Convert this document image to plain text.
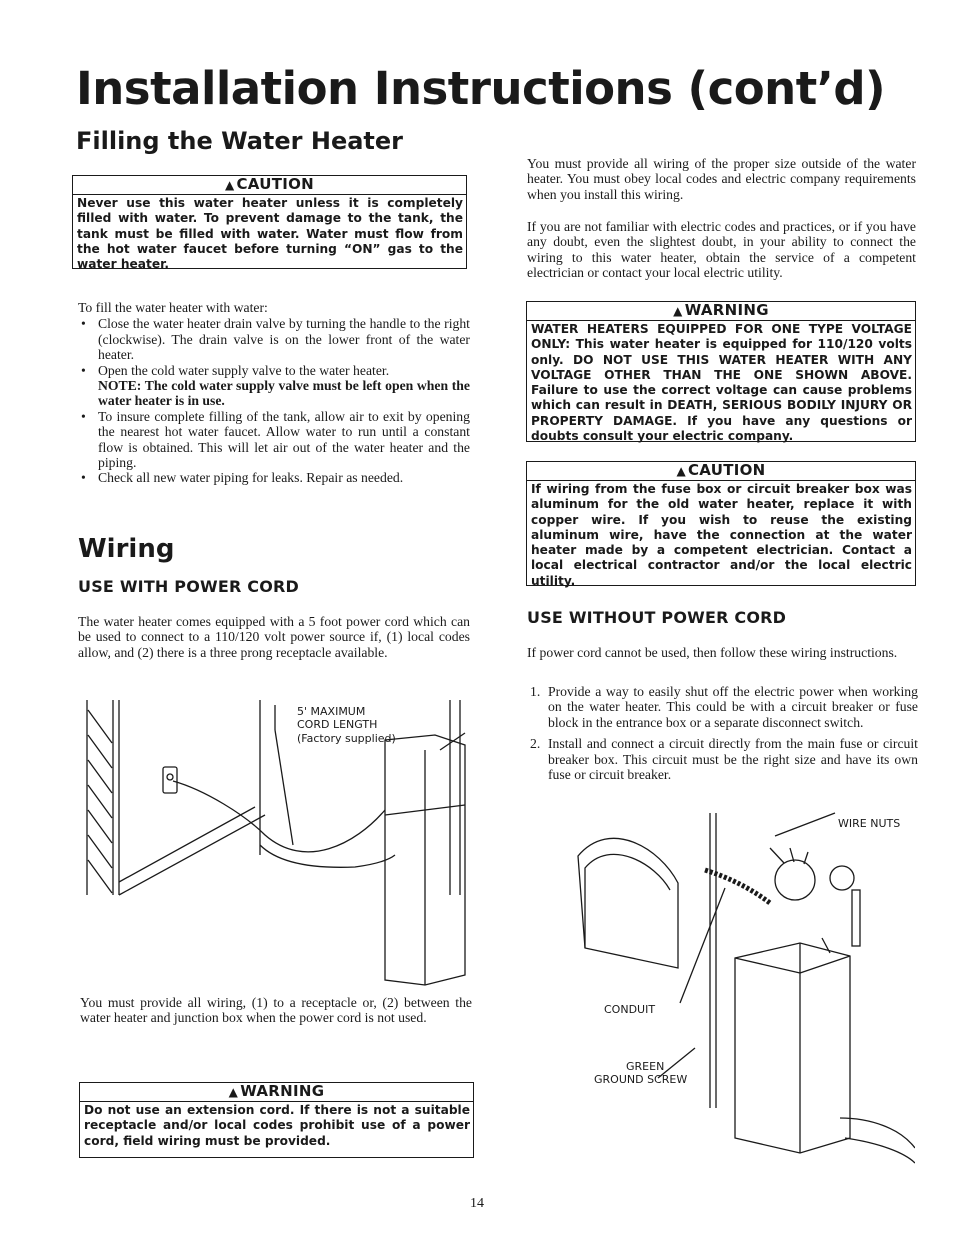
Installation Instructions (cont’d)
Filling the Water Heater
▲ CAUTION
Never use this water heater unless it is completely filled with water. To prevent damage to the tank, the tank must be filled with water. Water must flow from the hot water faucet before turning “ON” gas to the water heater.

To fill the water heater with water:

• Close the water heater drain valve by turning the handle to the right (clockwise). The drain valve is on the lower front of the water heater.
• Open the cold water supply valve to the water heater.
NOTE: The cold water supply valve must be left open when the water heater is in use.
• To insure complete filling of the tank, allow air to exit by opening the nearest hot water faucet. Allow water to run until a constant flow is obtained. This will let air out of the water heater and the piping.
• Check all new water piping for leaks. Repair as needed.
Wiring
USE WITH POWER CORD

The water heater comes equipped with a 5 foot power cord which can be used to connect to a 110/120 volt power source if, (1) local codes allow, and (2) there is a three prong receptacle available.

5' MAXIMUM
CORD LENGTH
(Factory supplied)

You must provide all wiring, (1) to a receptacle or, (2) between the water heater and junction box when the power cord is not used.

▲ WARNING
Do not use an extension cord. If there is not a suitable receptacle and/or local codes prohibit use of a power cord, field wiring must be provided.

You must provide all wiring of the proper size outside of the water heater. You must obey local codes and electric company requirements when you install this wiring.

If you are not familiar with electric codes and practices, or if you have any doubt, even the slightest doubt, in your ability to connect the wiring to this water heater, obtain the service of a competent electrician or contact your local electric utility.

▲ WARNING
WATER HEATERS EQUIPPED FOR ONE TYPE VOLTAGE ONLY: This water heater is equipped for 110/120 volts only. DO NOT USE THIS WATER HEATER WITH ANY VOLTAGE OTHER THAN THE ONE SHOWN ABOVE. Failure to use the correct voltage can cause problems which can result in DEATH, SERIOUS BODILY INJURY OR PROPERTY DAMAGE. If you have any questions or doubts consult your electric company.
▲ CAUTION
If wiring from the fuse box or circuit breaker box was aluminum for the old water heater, replace it with copper wire. If you wish to reuse the existing aluminum wire, have the connection at the water heater made by a competent electrician. Contact a local electrical contractor and/or the local electric utility.
USE WITHOUT POWER CORD

If power cord cannot be used, then follow these wiring instructions.

1. Provide a way to easily shut off the electric power when working on the water heater. This could be with a circuit breaker or fuse block in the entrance box or a separate disconnect switch.
2. Install and connect a circuit directly from the main fuse or circuit breaker box. This circuit must be the right size and have its own fuse or circuit breaker.
WIRE NUTS
CONDUIT
GREEN
GROUND SCREW
14
